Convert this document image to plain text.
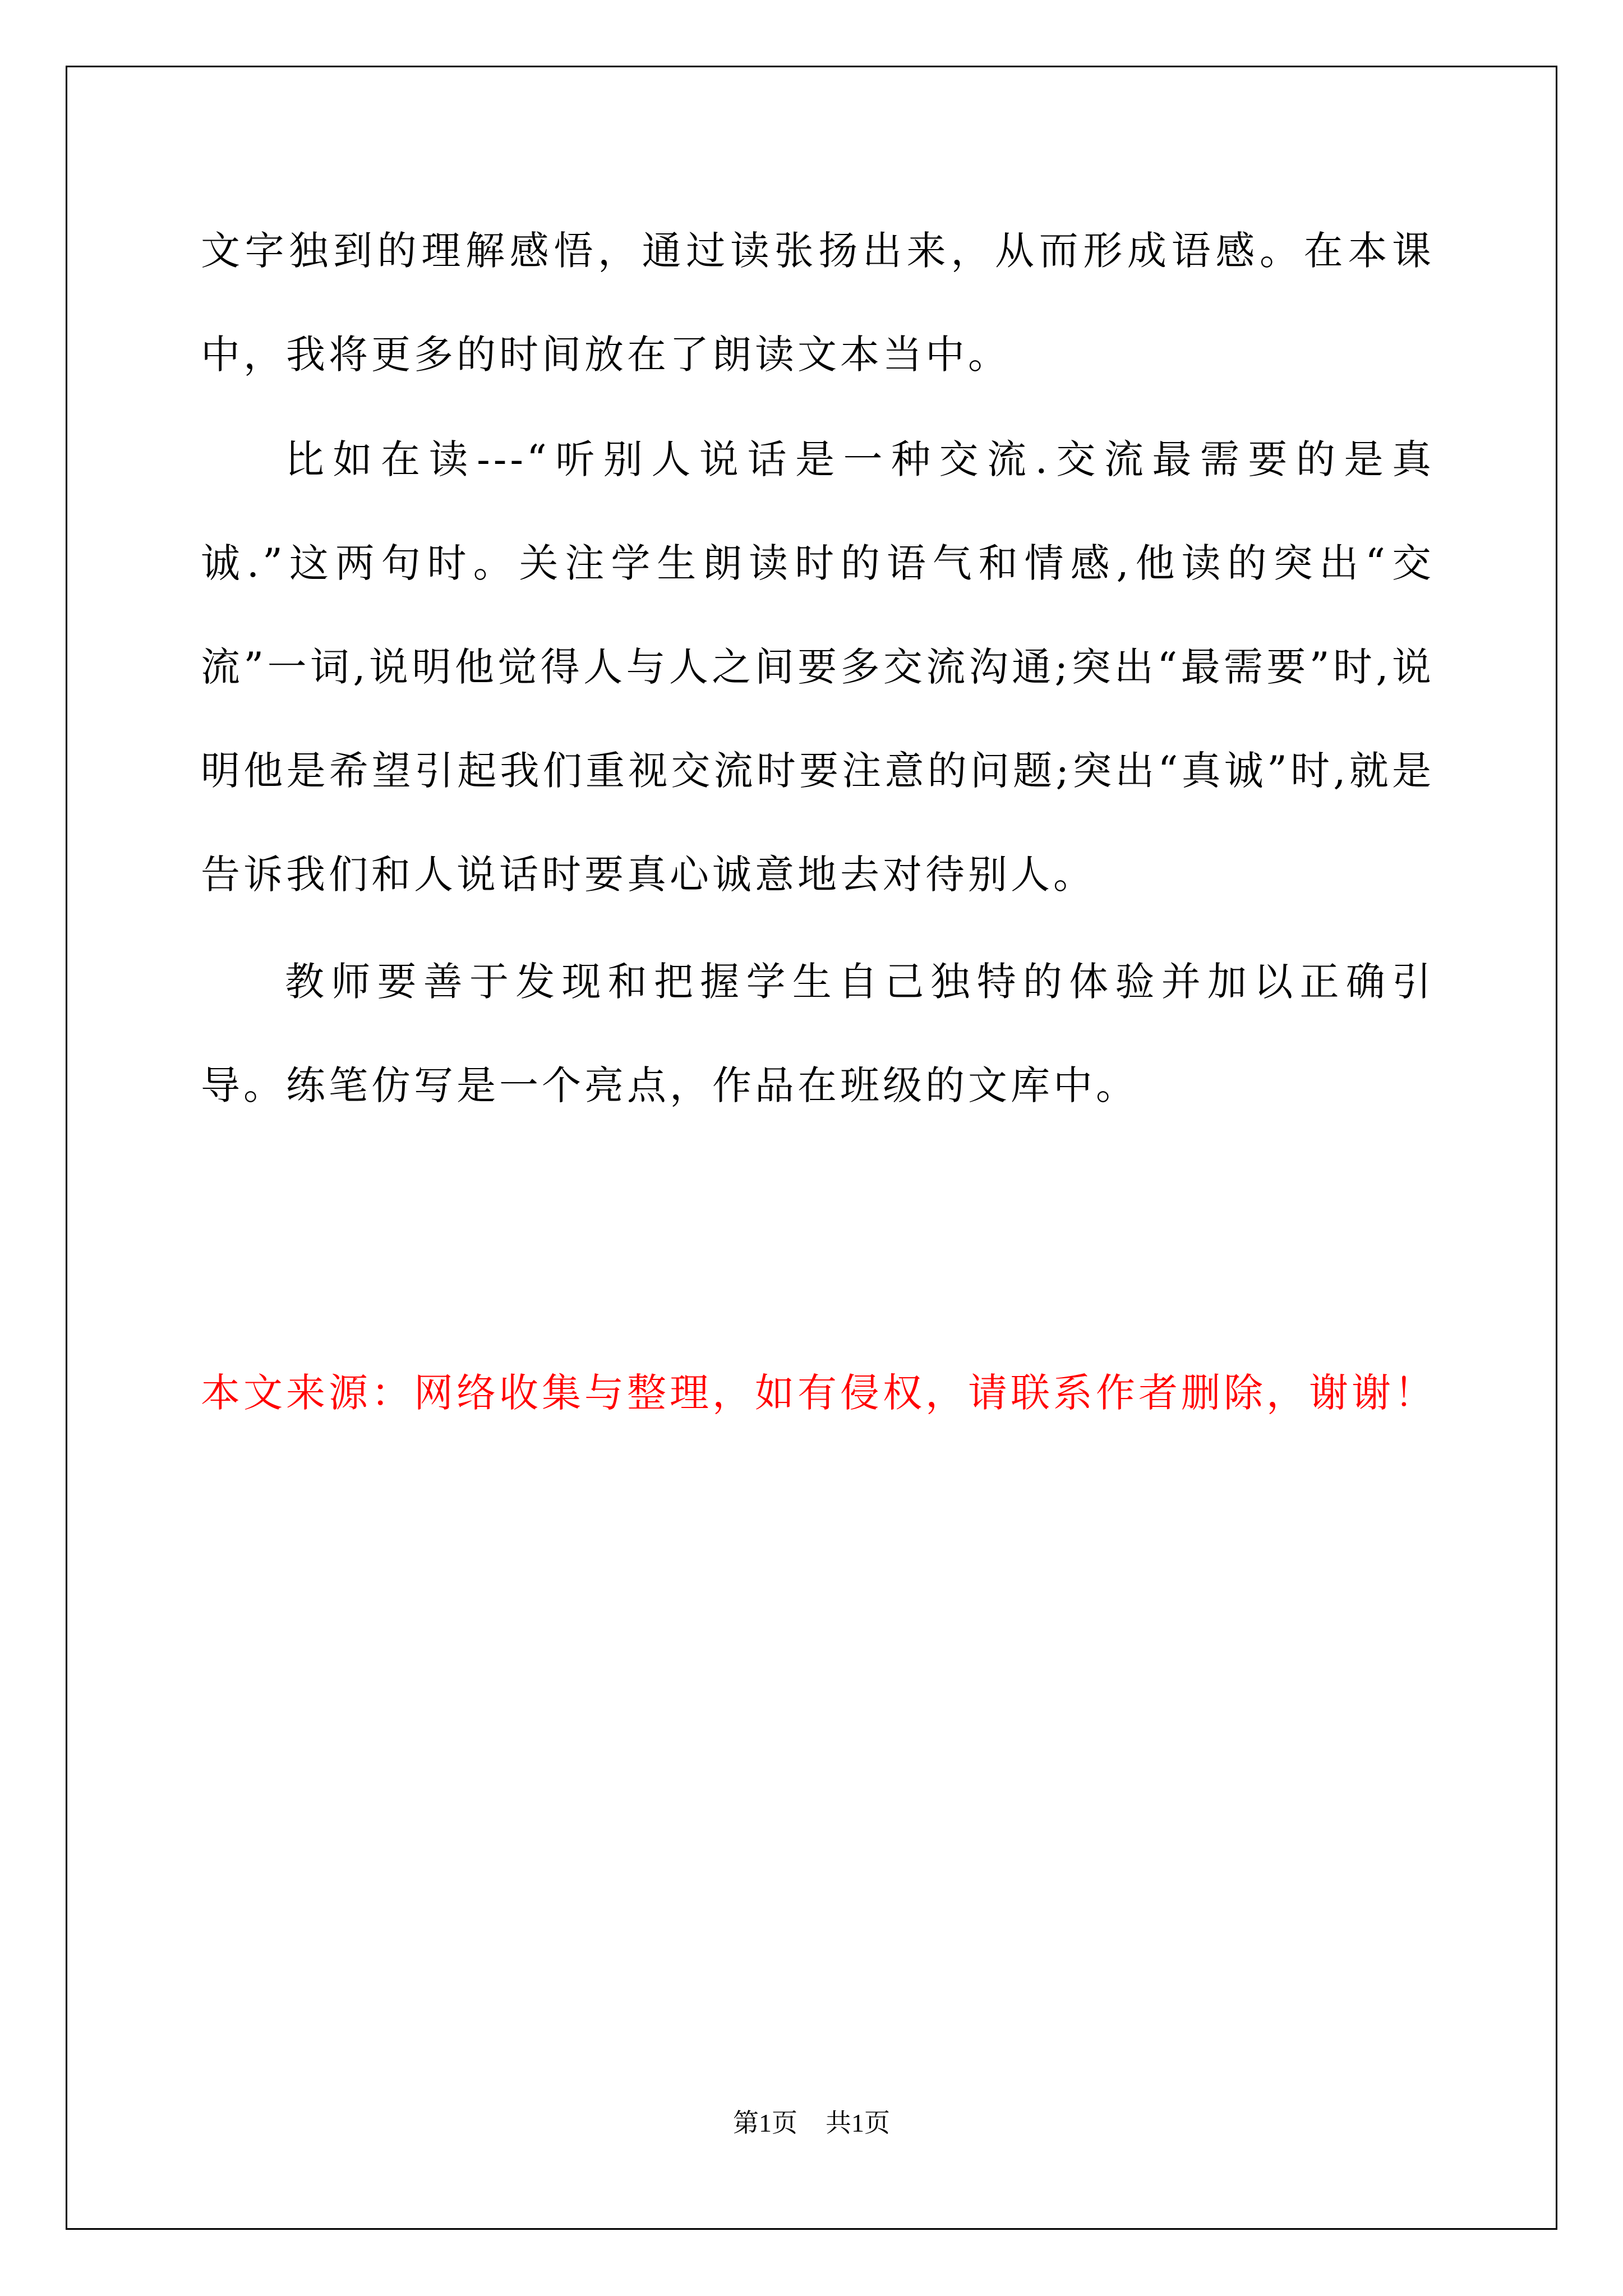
文字独到的理解感悟，通过读张扬出来，从而形成语感。在本课中，我将更多的时间放在了朗读文本当中。

比如在读---“听别人说话是一种交流.交流最需要的是真诚.”这两句时。关注学生朗读时的语气和情感,他读的突出“交流”一词,说明他觉得人与人之间要多交流沟通;突出“最需要”时,说明他是希望引起我们重视交流时要注意的问题;突出“真诚”时,就是告诉我们和人说话时要真心诚意地去对待别人。

教师要善于发现和把握学生自己独特的体验并加以正确引导。练笔仿写是一个亮点，作品在班级的文库中。

本文来源：网络收集与整理，如有侵权，请联系作者删除，谢谢！
第1页 共1页
